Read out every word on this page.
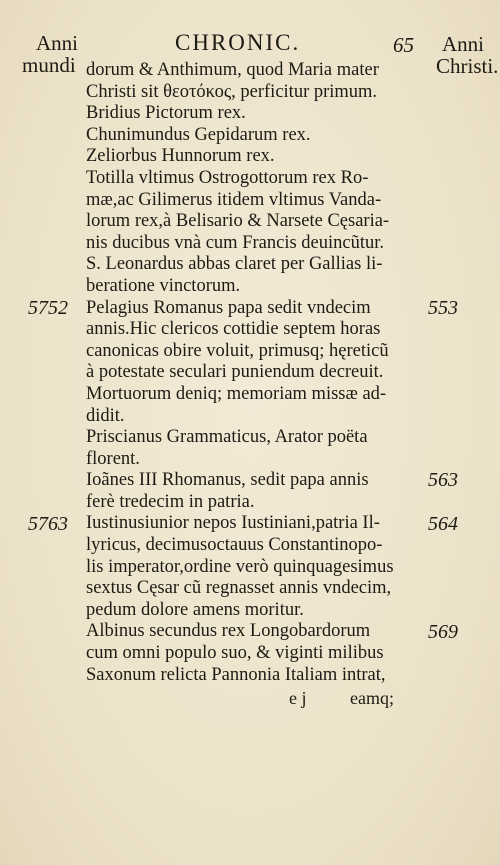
Anni
mundi
CHRONIC.	65 Anni
Christi.
dorum & Anthimum, quod Maria mater
Christi sit θεοτόκος, perficitur primum.
Bridius Pictorum rex.
Chunimundus Gepidarum rex.
Zeliorbus Hunnorum rex.
Totilla vltimus Ostrogottorum rex Ro-
mæ,ac Gilimerus itidem vltimus Vanda-
lorum rex,à Belisario & Narsete Cęsaria-
nis ducibus vnà cum Francis deuincũtur.
S. Leonardus abbas claret per Gallias li-
beratione vinctorum.
Pelagius Romanus papa sedit vndecim
annis.Hic clericos cottidie septem horas
canonicas obire voluit, primusq; hęreticũ
à potestate seculari puniendum decreuit.
Mortuorum deniq; memoriam missæ ad-
didit.
Priscianus Grammaticus, Arator poëta
florent.
Ioãnes III Rhomanus, sedit papa annis
ferè tredecim in patria.
Iustinusiunior nepos Iustiniani,patria Il-
lyricus, decimusoctauus Constantinopo-
lis imperator,ordine verò quinquagesimus
sextus Cęsar cũ regnasset annis vndecim,
pedum dolore amens moritur.
Albinus secundus rex Longobardorum
cum omni populo suo, & viginti milibus
Saxonum relicta Pannonia Italiam intrat,
5752
5763
553
563
564
569
e j eamq;
